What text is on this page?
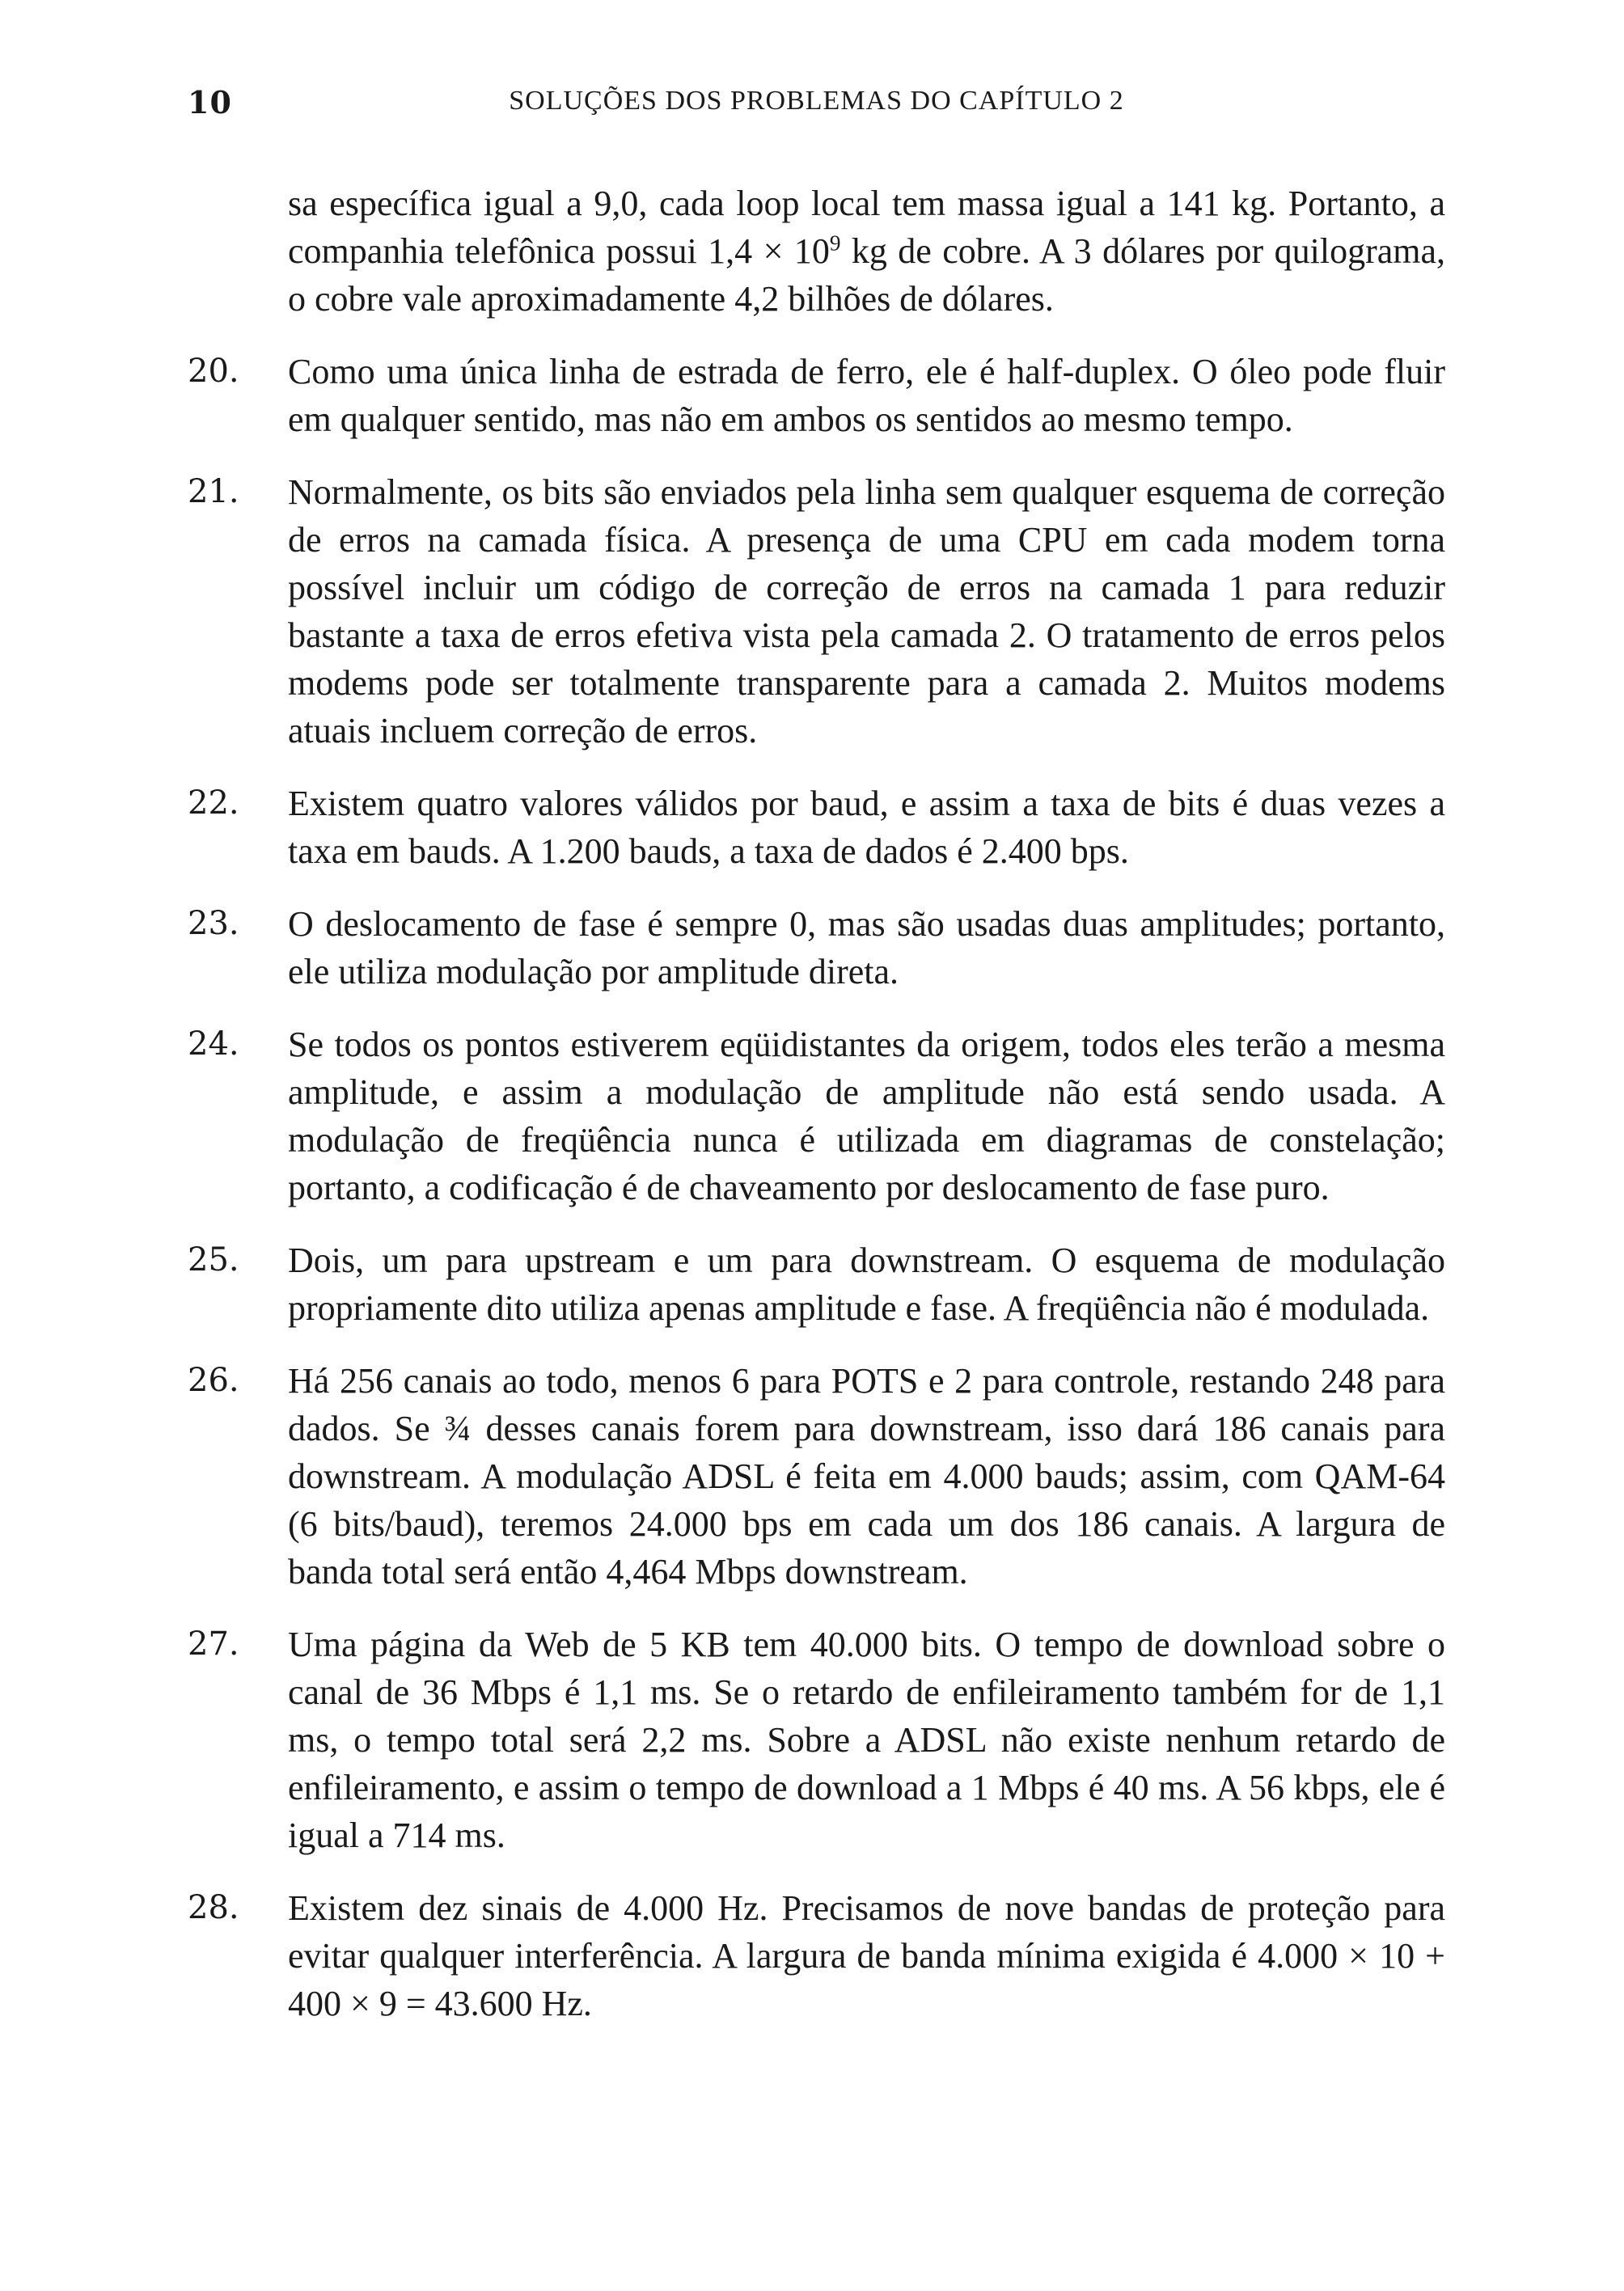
10	SOLUÇÕES DOS PROBLEMAS DO CAPÍTULO 2
sa específica igual a 9,0, cada loop local tem massa igual a 141 kg. Portanto, a companhia telefônica possui $1,4 \times 10^9$ kg de cobre. A 3 dólares por quilograma, o cobre vale aproximadamente 4,2 bilhões de dólares.
20.	Como uma única linha de estrada de ferro, ele é half-duplex. O óleo pode fluir em qualquer sentido, mas não em ambos os sentidos ao mesmo tempo.
21.	Normalmente, os bits são enviados pela linha sem qualquer esquema de correção de erros na camada física. A presença de uma CPU em cada modem torna possível incluir um código de correção de erros na camada 1 para reduzir bastante a taxa de erros efetiva vista pela camada 2. O tratamento de erros pelos modems pode ser totalmente transparente para a camada 2. Muitos modems atuais incluem correção de erros.
22.	Existem quatro valores válidos por baud, e assim a taxa de bits é duas vezes a taxa em bauds. A 1.200 bauds, a taxa de dados é 2.400 bps.
23.	O deslocamento de fase é sempre 0, mas são usadas duas amplitudes; portanto, ele utiliza modulação por amplitude direta.
24.	Se todos os pontos estiverem eqüidistantes da origem, todos eles terão a mesma amplitude, e assim a modulação de amplitude não está sendo usada. A modulação de freqüência nunca é utilizada em diagramas de constelação; portanto, a codificação é de chaveamento por deslocamento de fase puro.
25.	Dois, um para upstream e um para downstream. O esquema de modulação propriamente dito utiliza apenas amplitude e fase. A freqüência não é modulada.
26.	Há 256 canais ao todo, menos 6 para POTS e 2 para controle, restando 248 para dados. Se ¾ desses canais forem para downstream, isso dará 186 canais para downstream. A modulação ADSL é feita em 4.000 bauds; assim, com QAM-64 (6 bits/baud), teremos 24.000 bps em cada um dos 186 canais. A largura de banda total será então 4,464 Mbps downstream.
27.	Uma página da Web de 5 KB tem 40.000 bits. O tempo de download sobre o canal de 36 Mbps é 1,1 ms. Se o retardo de enfileiramento também for de 1,1 ms, o tempo total será 2,2 ms. Sobre a ADSL não existe nenhum retardo de enfileiramento, e assim o tempo de download a 1 Mbps é 40 ms. A 56 kbps, ele é igual a 714 ms.
28.	Existem dez sinais de 4.000 Hz. Precisamos de nove bandas de proteção para evitar qualquer interferência. A largura de banda mínima exigida é 4.000 × 10 + 400 × 9 = 43.600 Hz.
